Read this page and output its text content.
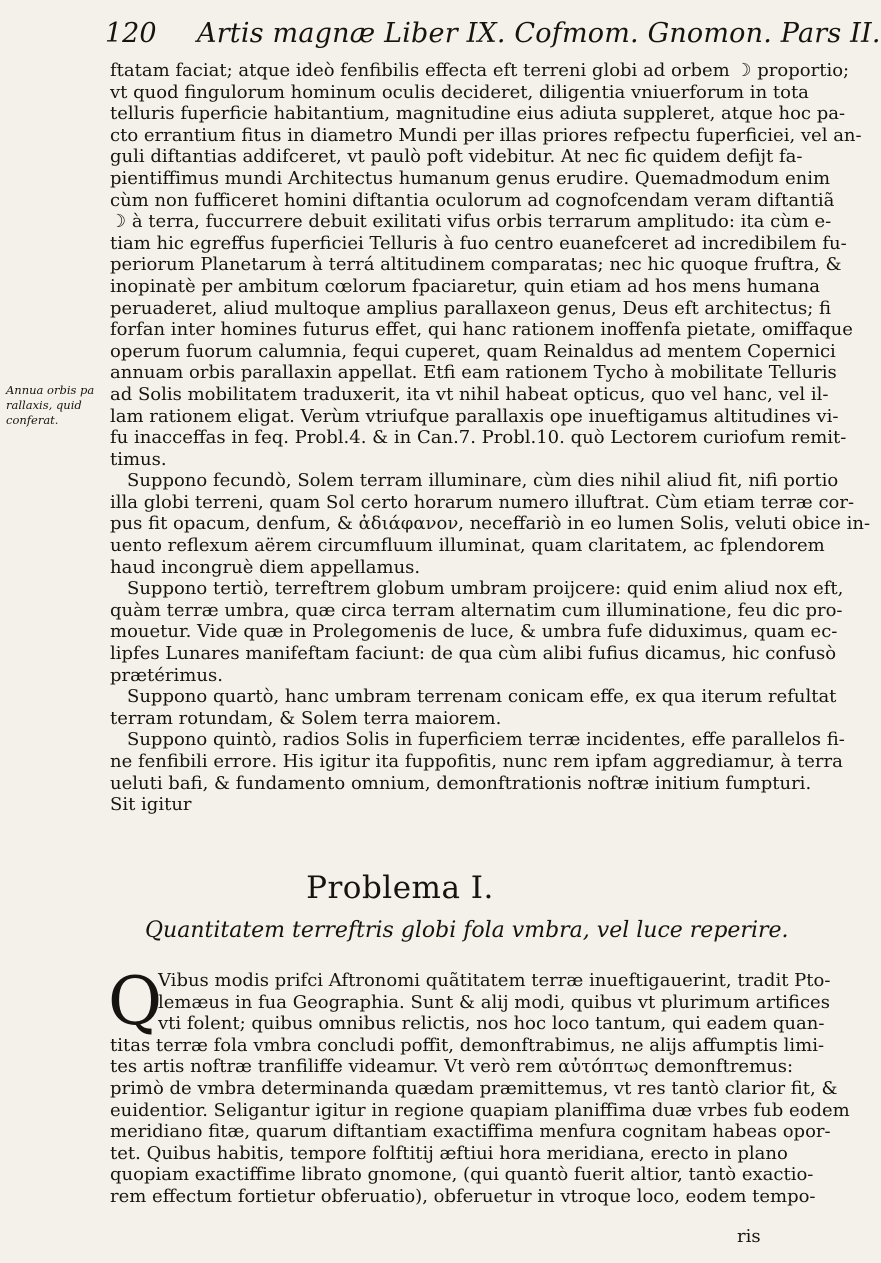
120 Artis magnæ Liber IX. Cofmom. Gnomon. Pars II.
Annua orbis pa rallaxis, quid conferat.
ftatam faciat; atque ideò fenfibilis effecta eft terreni globi ad orbem ☽ proportio;
vt quod fingulorum hominum oculis decideret, diligentia vniuerforum in tota
telluris fuperficie habitantium, magnitudine eius adiuta suppleret, atque hoc pa-
cto errantium fitus in diametro Mundi per illas priores refpectu fuperficiei, vel an-
guli diftantias addifceret, vt paulò poft videbitur. At nec fic quidem defijt fa-
pientiffimus mundi Architectus humanum genus erudire. Quemadmodum enim
cùm non fufficeret homini diftantia oculorum ad cognofcendam veram diftantiã
☽ à terra, fuccurrere debuit exilitati vifus orbis terrarum amplitudo: ita cùm e-
tiam hic egreffus fuperficiei Telluris à fuo centro euanefceret ad incredibilem fu-
periorum Planetarum à terrá altitudinem comparatas; nec hic quoque fruftra, &
inopinatè per ambitum cœlorum fpaciaretur, quin etiam ad hos mens humana
peruaderet, aliud multoque amplius parallaxeon genus, Deus eft architectus; fi
forfan inter homines futurus effet, qui hanc rationem inoffenfa pietate, omiffaque
operum fuorum calumnia, fequi cuperet, quam Reinaldus ad mentem Copernici
annuam orbis parallaxin appellat. Etfi eam rationem Tycho à mobilitate Telluris
ad Solis mobilitatem traduxerit, ita vt nihil habeat opticus, quo vel hanc, vel il-
lam rationem eligat. Verùm vtriufque parallaxis ope inueftigamus altitudines vi-
fu inacceffas in feq. Probl.4. & in Can.7. Probl.10. quò Lectorem curiofum remit-
timus.
Suppono fecundò, Solem terram illuminare, cùm dies nihil aliud fit, nifi portio
illa globi terreni, quam Sol certo horarum numero illuftrat. Cùm etiam terræ cor-
pus fit opacum, denfum, & ἀδιάφανον, neceffariò in eo lumen Solis, veluti obice in-
uento reflexum aërem circumfluum illuminat, quam claritatem, ac fplendorem
haud incongruè diem appellamus.
Suppono tertiò, terreftrem globum umbram proijcere: quid enim aliud nox eft,
quàm terræ umbra, quæ circa terram alternatim cum illuminatione, feu dic pro-
mouetur. Vide quæ in Prolegomenis de luce, & umbra fufe diduximus, quam ec-
lipfes Lunares manifeftam faciunt: de qua cùm alibi fufius dicamus, hic confusò
prætérimus.
Suppono quartò, hanc umbram terrenam conicam effe, ex qua iterum refultat
terram rotundam, & Solem terra maiorem.
Suppono quintò, radios Solis in fuperficiem terræ incidentes, effe parallelos fi-
ne fenfibili errore. His igitur ita fuppofitis, nunc rem ipfam aggrediamur, à terra
ueluti bafi, & fundamento omnium, demonftrationis noftræ initium fumpturi.
Sit igitur
Problema I.
Quantitatem terreftris globi fola vmbra, vel luce reperire.
Q
Vibus modis prifci Aftronomi quãtitatem terræ inueftigauerint, tradit Pto-
lemæus in fua Geographia. Sunt & alij modi, quibus vt plurimum artifices
vti folent; quibus omnibus relictis, nos hoc loco tantum, qui eadem quan-
titas terræ fola vmbra concludi poffit, demonftrabimus, ne alijs affumptis limi-
tes artis noftræ tranfiliffe videamur. Vt verò rem αὐτόπτως demonftremus:
primò de vmbra determinanda quædam præmittemus, vt res tantò clarior fit, &
euidentior. Seligantur igitur in regione quapiam planiffima duæ vrbes fub eodem
meridiano fitæ, quarum diftantiam exactiffima menfura cognitam habeas opor-
tet. Quibus habitis, tempore folftitij æftiui hora meridiana, erecto in plano
quopiam exactiffime librato gnomone, (qui quantò fuerit altior, tantò exactio-
rem effectum fortietur obferuatio), obferuetur in vtroque loco, eodem tempo-
ris
